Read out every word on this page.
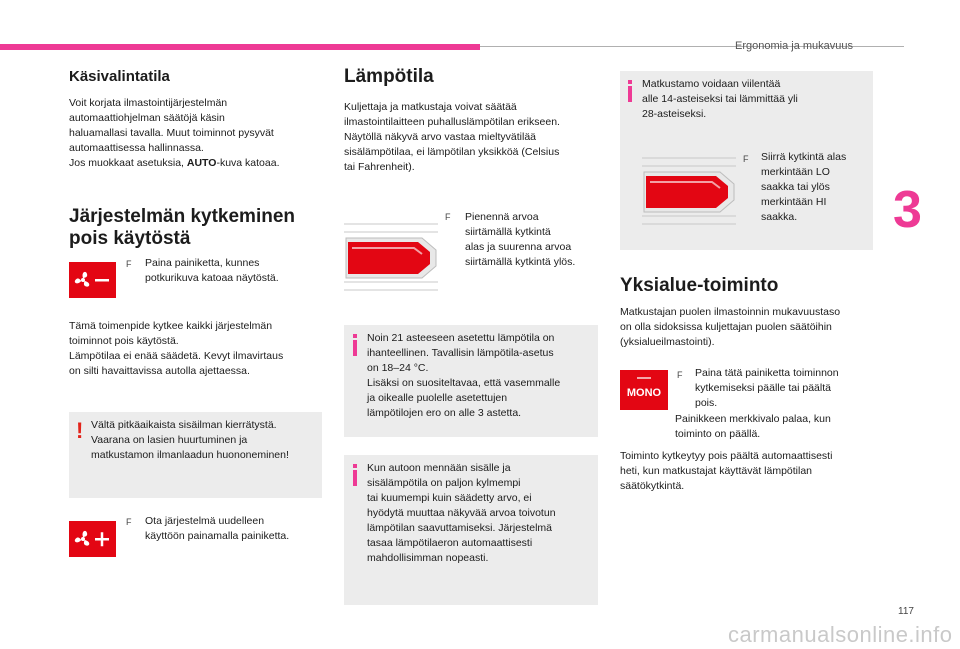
Ergonomia ja mukavuus
3
117
carmanualsonline.info
Käsivalintatila
Voit korjata ilmastointijärjestelmän
automaattiohjelman säätöjä käsin
haluamallasi tavalla. Muut toiminnot pysyvät
automaattisessa hallinnassa.
Jos muokkaat asetuksia, AUTO-kuva katoaa.
Järjestelmän kytkeminen
pois käytöstä
F Paina painiketta, kunnes
potkurikuva katoaa näytöstä.
Tämä toimenpide kytkee kaikki järjestelmän
toiminnot pois käytöstä.
Lämpötilaa ei enää säädetä. Kevyt ilmavirtaus
on silti havaittavissa autolla ajettaessa.
! Vältä pitkäaikaista sisäilman kierrätystä.
Vaarana on lasien huurtuminen ja
matkustamon ilmanlaadun huononeminen!
F Ota järjestelmä uudelleen
käyttöön painamalla painiketta.
Lämpötila
Kuljettaja ja matkustaja voivat säätää
ilmastointilaitteen puhalluslämpötilan erikseen.
Näytöllä näkyvä arvo vastaa mieltyvätilää
sisälämpötilaa, ei lämpötilan yksikköä (Celsius
tai Fahrenheit).
F Pienennä arvoa
siirtämällä kytkintä
alas ja suurenna arvoa
siirtämällä kytkintä ylös.
Noin 21 asteeseen asetettu lämpötila on
ihanteellinen. Tavallisin lämpötila-asetus
on 18–24 °C.
Lisäksi on suositeltavaa, että vasemmalle
ja oikealle puolelle asetettujen
lämpötilojen ero on alle 3 astetta.
Kun autoon mennään sisälle ja
sisälämpötila on paljon kylmempi
tai kuumempi kuin säädetty arvo, ei
hyödytä muuttaa näkyvää arvoa toivotun
lämpötilan saavuttamiseksi. Järjestelmä
tasaa lämpötilaeron automaattisesti
mahdollisimman nopeasti.
Matkustamo voidaan viilentää
alle 14-asteiseksi tai lämmittää yli
28-asteiseksi.
F Siirrä kytkintä alas
merkintään LO
saakka tai ylös
merkintään HI
saakka.
Yksialue-toiminto
Matkustajan puolen ilmastoinnin mukavuustaso
on olla sidoksissa kuljettajan puolen säätöihin
(yksialueilmastointi).
MONO
F Paina tätä painiketta toiminnon
kytkemiseksi päälle tai päältä
pois.
Painikkeen merkkivalo palaa, kun
toiminto on päällä.
Toiminto kytkeytyy pois päältä automaattisesti
heti, kun matkustajat käyttävät lämpötilan
säätökytkintä.
